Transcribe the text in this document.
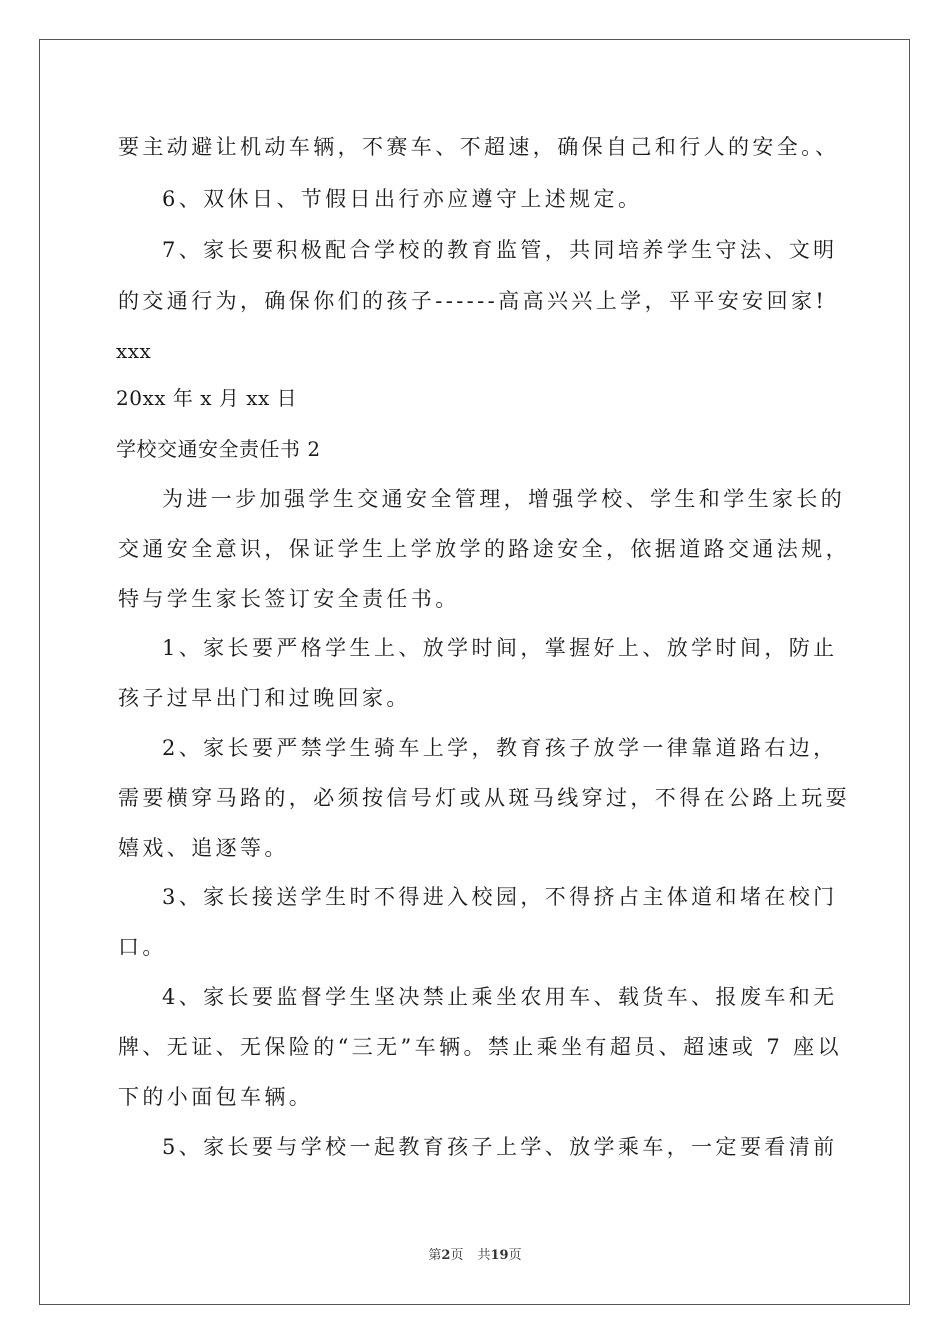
要主动避让机动车辆，不赛车、不超速，确保自己和行人的安全。、
6、双休日、节假日出行亦应遵守上述规定。
7、家长要积极配合学校的教育监管，共同培养学生守法、文明
的交通行为，确保你们的孩子------高高兴兴上学，平平安安回家!
xxx
20xx 年 x 月 xx 日
学校交通安全责任书 2
为进一步加强学生交通安全管理，增强学校、学生和学生家长的
交通安全意识，保证学生上学放学的路途安全，依据道路交通法规，
特与学生家长签订安全责任书。
1、家长要严格学生上、放学时间，掌握好上、放学时间，防止
孩子过早出门和过晚回家。
2、家长要严禁学生骑车上学，教育孩子放学一律靠道路右边，
需要横穿马路的，必须按信号灯或从斑马线穿过，不得在公路上玩耍
嬉戏、追逐等。
3、家长接送学生时不得进入校园，不得挤占主体道和堵在校门
口。
4、家长要监督学生坚决禁止乘坐农用车、载货车、报废车和无
牌、无证、无保险的“三无”车辆。禁止乘坐有超员、超速或 7 座以
下的小面包车辆。
5、家长要与学校一起教育孩子上学、放学乘车，一定要看清前
第2页 共19页
